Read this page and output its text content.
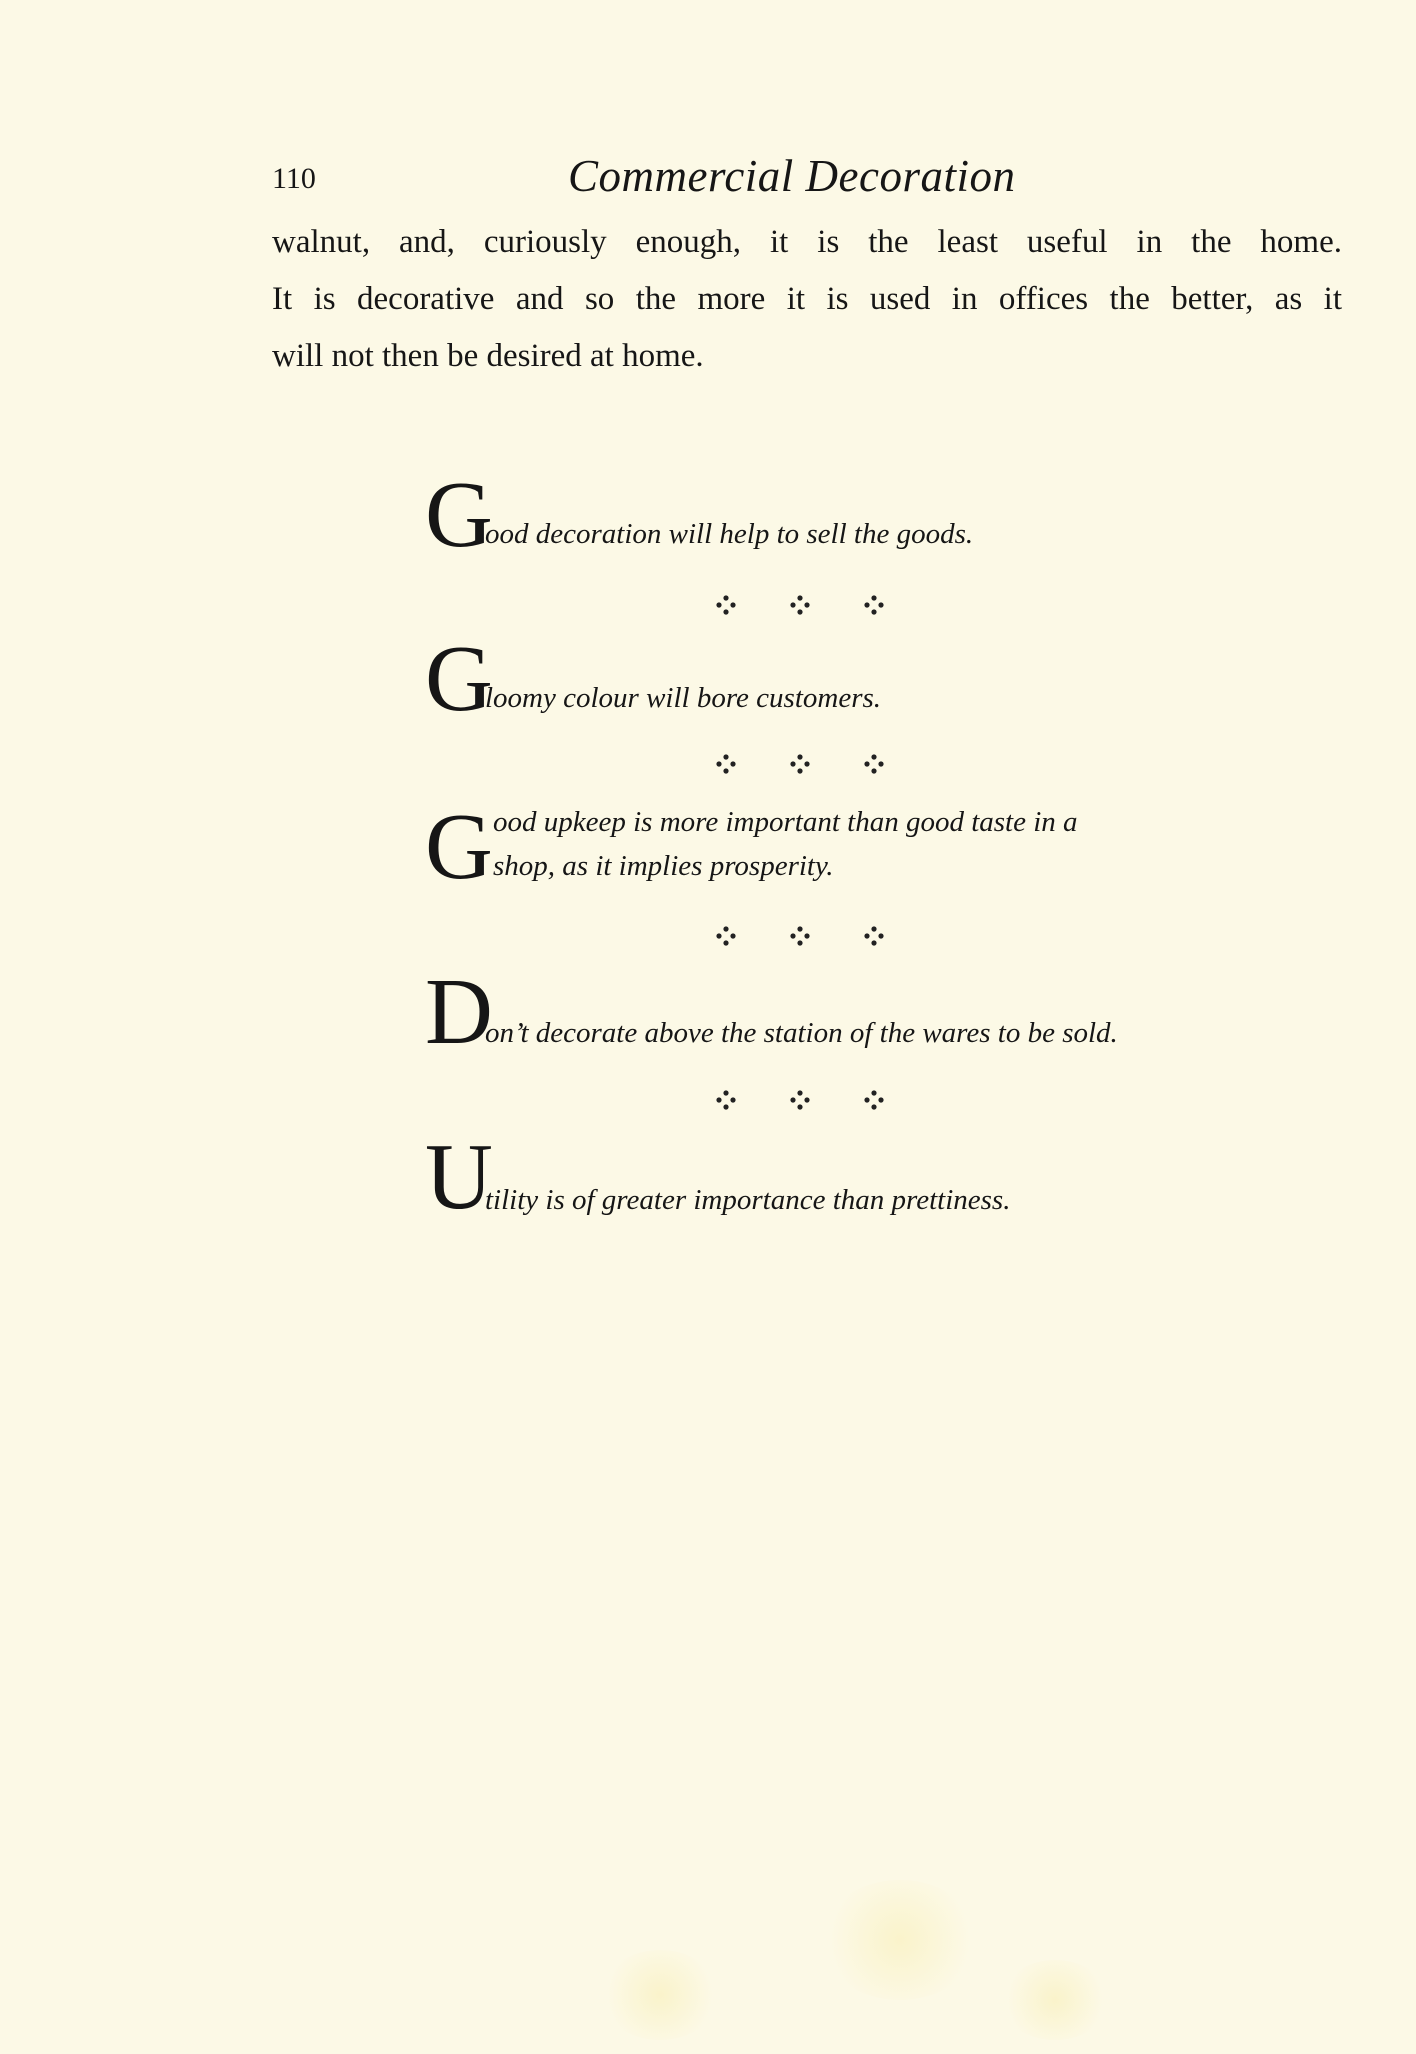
110	Commercial Decoration
walnut, and, curiously enough, it is the least useful in the home.
It is decorative and so the more it is used in offices the better, as it
will not then be desired at home.
G
ood decoration will help to sell the goods.
G
loomy colour will bore customers.
G ood upkeep is more important than good taste in a
shop, as it implies prosperity.
D
on’t decorate above the station of the wares to be sold.
U
tility is of greater importance than prettiness.
